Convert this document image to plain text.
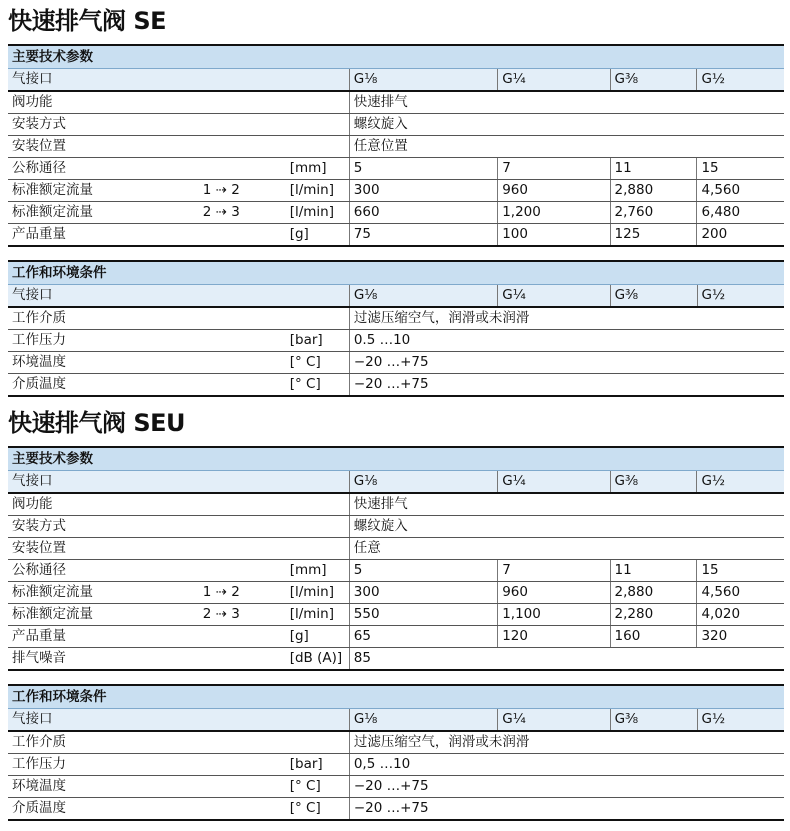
快速排气阀 SE
主要技术参数						
气接口			G⅛	G¼	G⅜	G½
阀功能			快速排气			
安装方式			螺纹旋入			
安装位置			任意位置			
公称通径		[mm]	5	7	11	15
标准额定流量	1 ⇢ 2	[l/min]	300	960	2,880	4,560
标准额定流量	2 ⇢ 3	[l/min]	660	1,200	2,760	6,480
产品重量		[g]	75	100	125	200
工作和环境条件					
气接口		G⅛	G¼	G⅜	G½
工作介质		过滤压缩空气，润滑或未润滑			
工作压力	[bar]	0.5 …10			
环境温度	[° C]	−20 …+75			
介质温度	[° C]	−20 …+75			
快速排气阀 SEU
主要技术参数						
气接口			G⅛	G¼	G⅜	G½
阀功能			快速排气			
安装方式			螺纹旋入			
安装位置			任意			
公称通径		[mm]	5	7	11	15
标准额定流量	1 ⇢ 2	[l/min]	300	960	2,880	4,560
标准额定流量	2 ⇢ 3	[l/min]	550	1,100	2,280	4,020
产品重量		[g]	65	120	160	320
排气噪音		[dB (A)]	85			
工作和环境条件					
气接口		G⅛	G¼	G⅜	G½
工作介质		过滤压缩空气，润滑或未润滑			
工作压力	[bar]	0,5 …10			
环境温度	[° C]	−20 …+75			
介质温度	[° C]	−20 …+75			
